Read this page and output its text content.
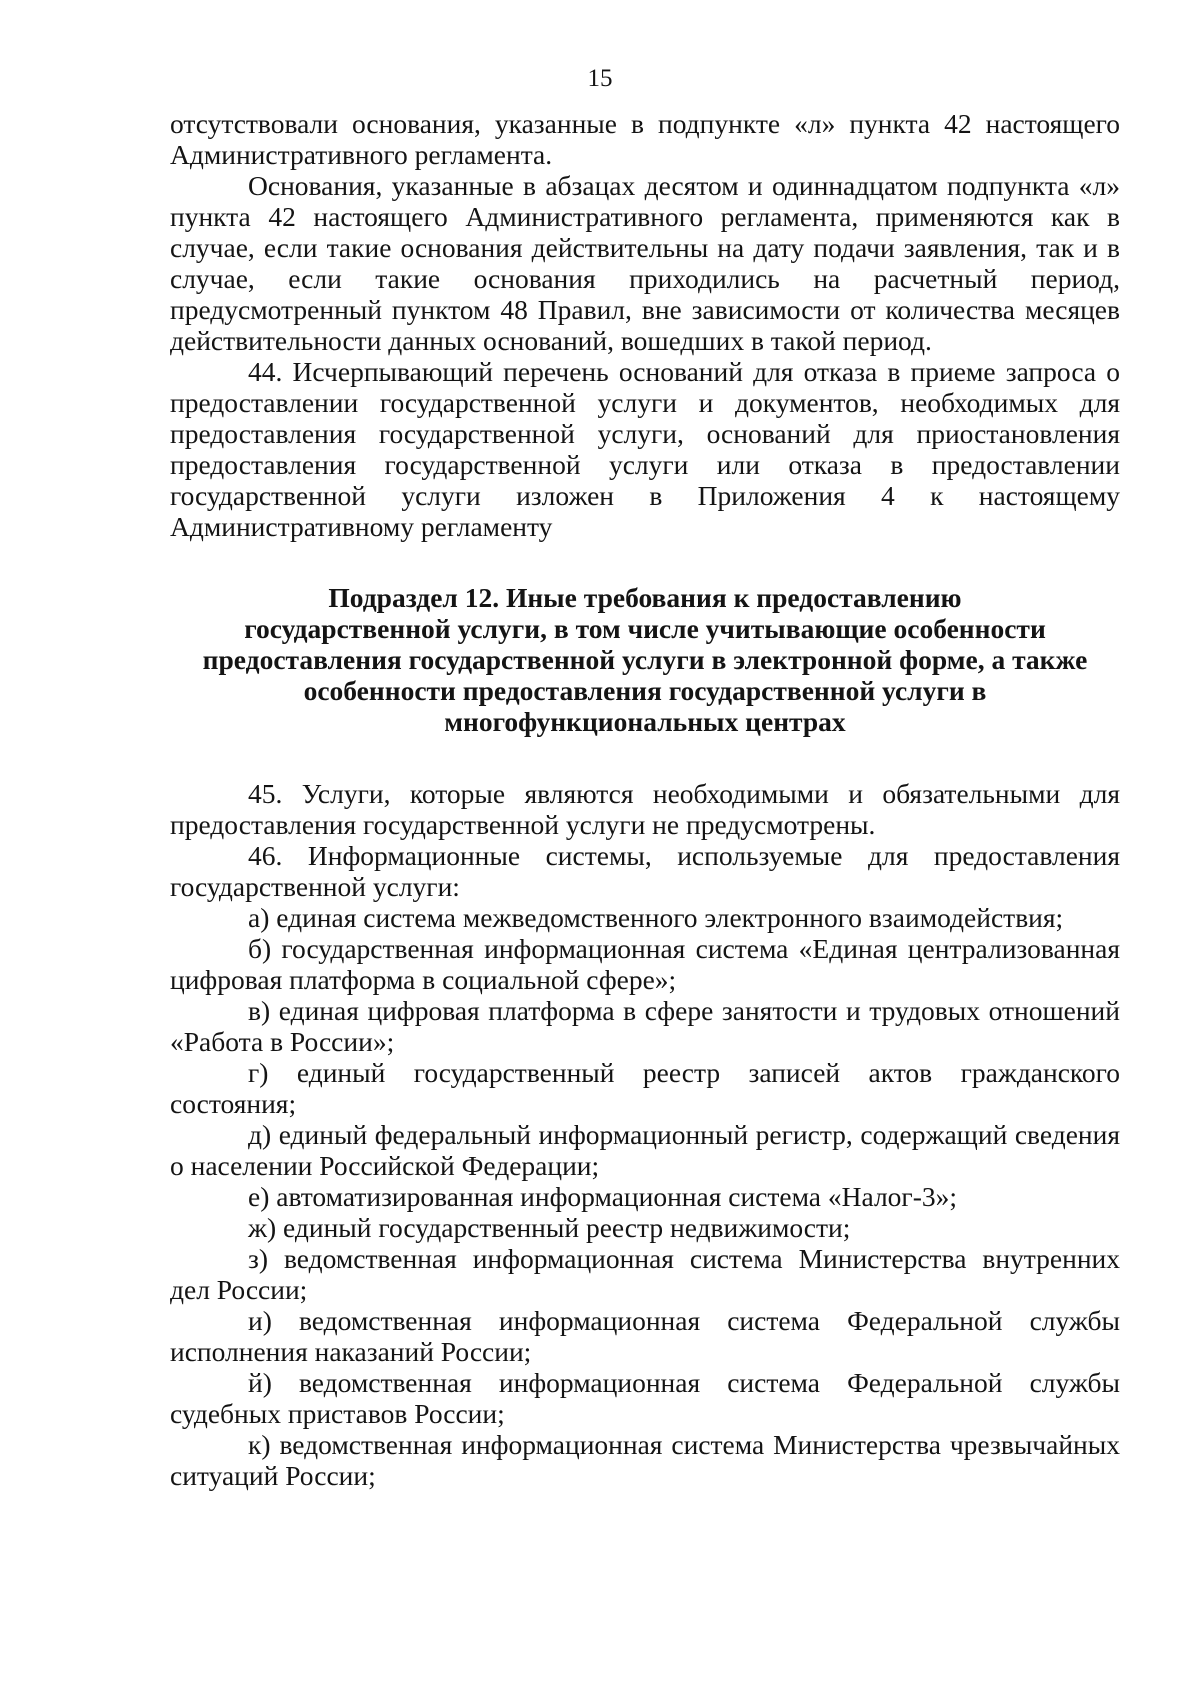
15

отсутствовали основания, указанные в подпункте «л» пункта 42 настоящего Административного регламента.

Основания, указанные в абзацах десятом и одиннадцатом подпункта «л» пункта 42 настоящего Административного регламента, применяются как в случае, если такие основания действительны на дату подачи заявления, так и в случае, если такие основания приходились на расчетный период, предусмотренный пунктом 48 Правил, вне зависимости от количества месяцев действительности данных оснований, вошедших в такой период.

44. Исчерпывающий перечень оснований для отказа в приеме запроса о предоставлении государственной услуги и документов, необходимых для предоставления государственной услуги, оснований для приостановления предоставления государственной услуги или отказа в предоставлении государственной услуги изложен в Приложения 4 к настоящему Административному регламенту

Подраздел 12. Иные требования к предоставлению
государственной услуги, в том числе учитывающие особенности
предоставления государственной услуги в электронной форме, а также
особенности предоставления государственной услуги в
многофункциональных центрах

45. Услуги, которые являются необходимыми и обязательными для предоставления государственной услуги не предусмотрены.

46. Информационные системы, используемые для предоставления государственной услуги:

а) единая система межведомственного электронного взаимодействия;

б) государственная информационная система «Единая централизованная цифровая платформа в социальной сфере»;

в) единая цифровая платформа в сфере занятости и трудовых отношений «Работа в России»;

г) единый государственный реестр записей актов гражданского состояния;

д) единый федеральный информационный регистр, содержащий сведения о населении Российской Федерации;

е) автоматизированная информационная система «Налог-3»;

ж) единый государственный реестр недвижимости;

з) ведомственная информационная система Министерства внутренних дел России;

и) ведомственная информационная система Федеральной службы исполнения наказаний России;

й) ведомственная информационная система Федеральной службы судебных приставов России;

к) ведомственная информационная система Министерства чрезвычайных ситуаций России;
